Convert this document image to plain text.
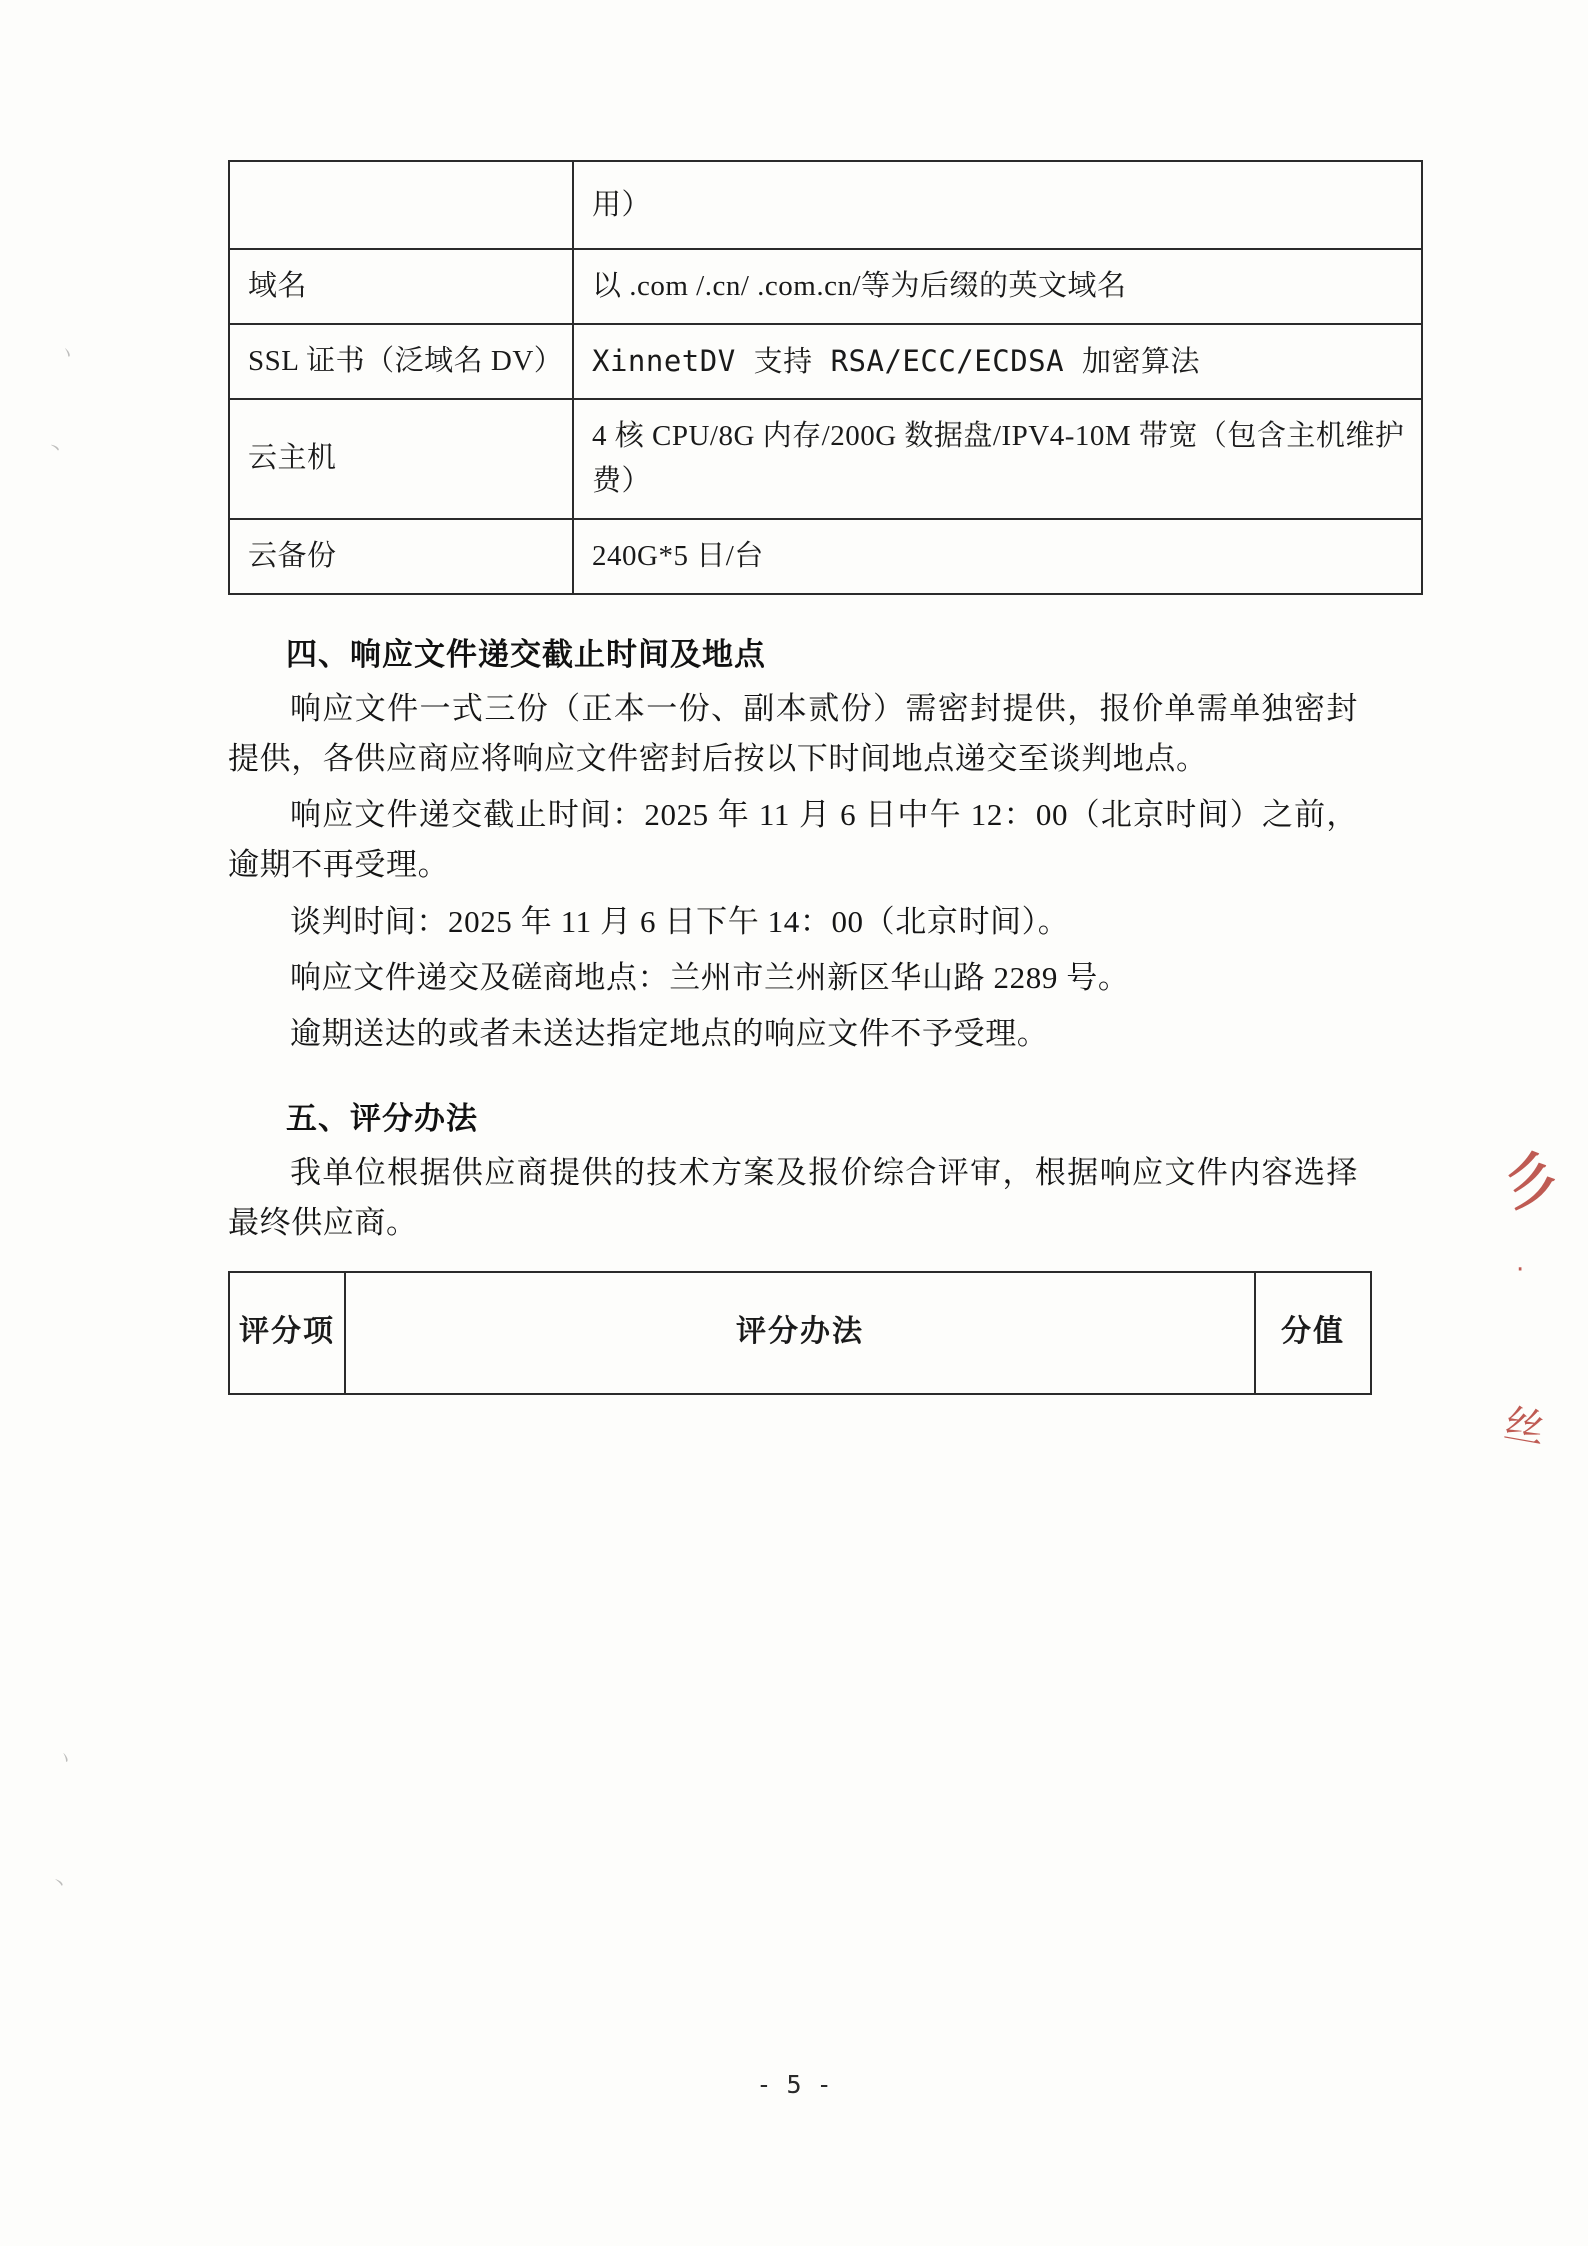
	用）
域名	以 .com /.cn/ .com.cn/等为后缀的英文域名
SSL 证书（泛域名 DV）	XinnetDV 支持 RSA/ECC/ECDSA 加密算法
云主机	4 核 CPU/8G 内存/200G 数据盘/IPV4-10M 带宽（包含主机维护费）
云备份	240G*5 日/台
四、响应文件递交截止时间及地点

响应文件一式三份（正本一份、副本贰份）需密封提供，报价单需单独密封提供，各供应商应将响应文件密封后按以下时间地点递交至谈判地点。

响应文件递交截止时间：2025 年 11 月 6 日中午 12：00（北京时间）之前，逾期不再受理。

谈判时间：2025 年 11 月 6 日下午 14：00（北京时间）。

响应文件递交及磋商地点：兰州市兰州新区华山路 2289 号。

逾期送达的或者未送达指定地点的响应文件不予受理。

五、评分办法

我单位根据供应商提供的技术方案及报价综合评审，根据响应文件内容选择最终供应商。

评分项	评分办法	分值
- 5 -
彡
·
丝
丶
丶
丶
丶
